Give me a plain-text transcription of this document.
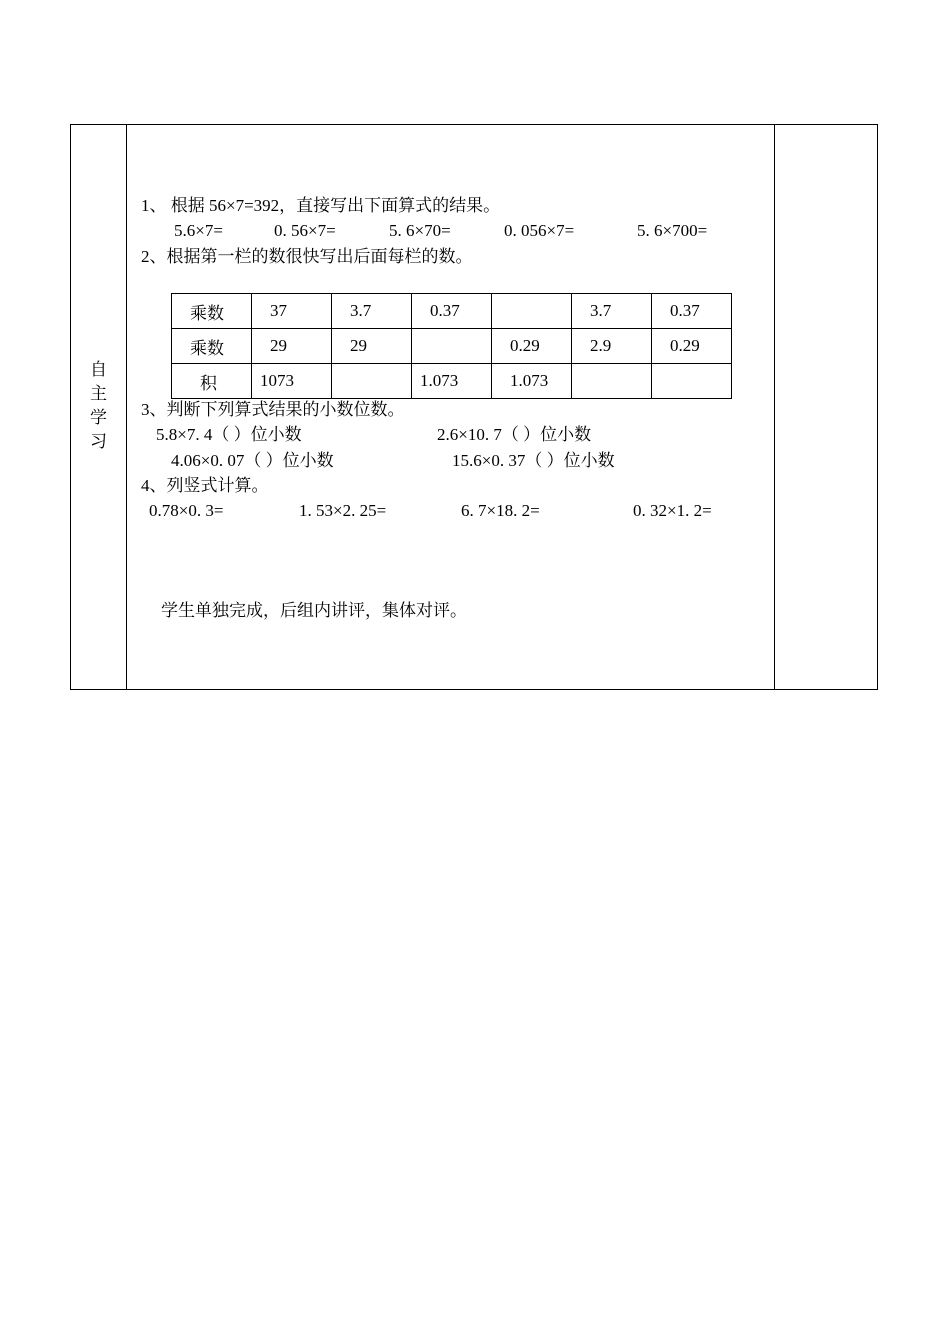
自
主
学
习
1、 根据 56×7=392，直接写出下面算式的结果。
5.6×7=	0. 56×7=	5. 6×70=	0. 056×7=	5. 6×700=
2、根据第一栏的数很快写出后面每栏的数。
乘数	37	3.7	0.37		3.7	0.37
乘数	29	29		0.29	2.9	0.29
积	1073		1.073	1.073		
3、判断下列算式结果的小数位数。
5.8×7. 4（ ）位小数	2.6×10. 7（ ）位小数
4.06×0. 07（ ）位小数	15.6×0. 37（ ）位小数
4、列竖式计算。
0.78×0. 3=	1. 53×2. 25=	6. 7×18. 2=	0. 32×1. 2=
学生单独完成，后组内讲评，集体对评。
